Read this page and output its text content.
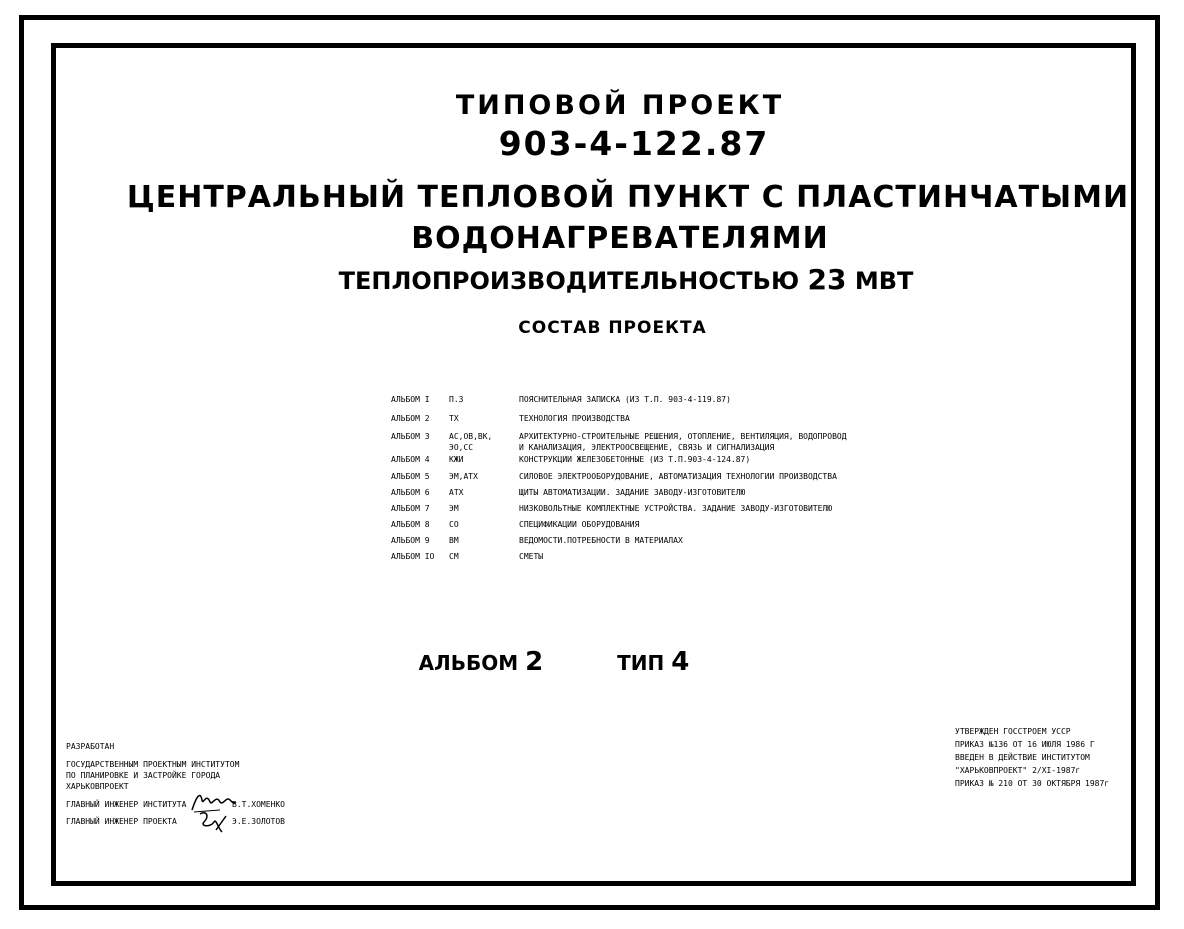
ТИПОВОЙ ПРОЕКТ
903-4-122.87
ЦЕНТРАЛЬНЫЙ ТЕПЛОВОЙ ПУНКТ С ПЛАСТИНЧАТЫМИ
ВОДОНАГРЕВАТЕЛЯМИ
ТЕПЛОПРОИЗВОДИТЕЛЬНОСТЬЮ 23 МВТ
СОСТАВ ПРОЕКТА
АЛЬБОМ I П.З	ПОЯСНИТЕЛЬНАЯ ЗАПИСКА (ИЗ Т.П. 903-4-119.87)
АЛЬБОМ 2 ТХ	ТЕХНОЛОГИЯ ПРОИЗВОДСТВА
АЛЬБОМ 3 АС,ОВ,ВК,	АРХИТЕКТУРНО-СТРОИТЕЛЬНЫЕ РЕШЕНИЯ, ОТОПЛЕНИЕ, ВЕНТИЛЯЦИЯ, ВОДОПРОВОД
ЭО,СС	И КАНАЛИЗАЦИЯ, ЭЛЕКТРООСВЕЩЕНИЕ, СВЯЗЬ И СИГНАЛИЗАЦИЯ
АЛЬБОМ 4 КЖИ	КОНСТРУКЦИИ ЖЕЛЕЗОБЕТОННЫЕ (ИЗ Т.П.903-4-124.87)
АЛЬБОМ 5 ЭМ,АТХ	СИЛОВОЕ ЭЛЕКТРООБОРУДОВАНИЕ, АВТОМАТИЗАЦИЯ ТЕХНОЛОГИИ ПРОИЗВОДСТВА
АЛЬБОМ 6 АТХ	ЩИТЫ АВТОМАТИЗАЦИИ. ЗАДАНИЕ ЗАВОДУ-ИЗГОТОВИТЕЛЮ
АЛЬБОМ 7 ЭМ	НИЗКОВОЛЬТНЫЕ КОМПЛЕКТНЫЕ УСТРОЙСТВА. ЗАДАНИЕ ЗАВОДУ-ИЗГОТОВИТЕЛЮ
АЛЬБОМ 8 СО	СПЕЦИФИКАЦИИ ОБОРУДОВАНИЯ
АЛЬБОМ 9 ВМ	ВЕДОМОСТИ.ПОТРЕБНОСТИ В МАТЕРИАЛАХ
АЛЬБОМ IO СМ	СМЕТЫ
АЛЬБОМ 2	ТИП 4
РАЗРАБОТАН
ГОСУДАРСТВЕННЫМ ПРОЕКТНЫМ ИНСТИТУТОМ
ПО ПЛАНИРОВКЕ И ЗАСТРОЙКЕ ГОРОДА
ХАРЬКОВПРОЕКТ
ГЛАВНЫЙ ИНЖЕНЕР ИНСТИТУТА	В.Т.ХОМЕНКО
ГЛАВНЫЙ ИНЖЕНЕР ПРОЕКТА	Э.Е.ЗОЛОТОВ
УТВЕРЖДЕН ГОССТРОЕМ УССР
ПРИКАЗ №136 ОТ 16 ИЮЛЯ 1986 Г
ВВЕДЕН В ДЕЙСТВИЕ ИНСТИТУТОМ
"ХАРЬКОВПРОЕКТ" 2/XI-1987г
ПРИКАЗ № 210 ОТ 30 ОКТЯБРЯ 1987г
